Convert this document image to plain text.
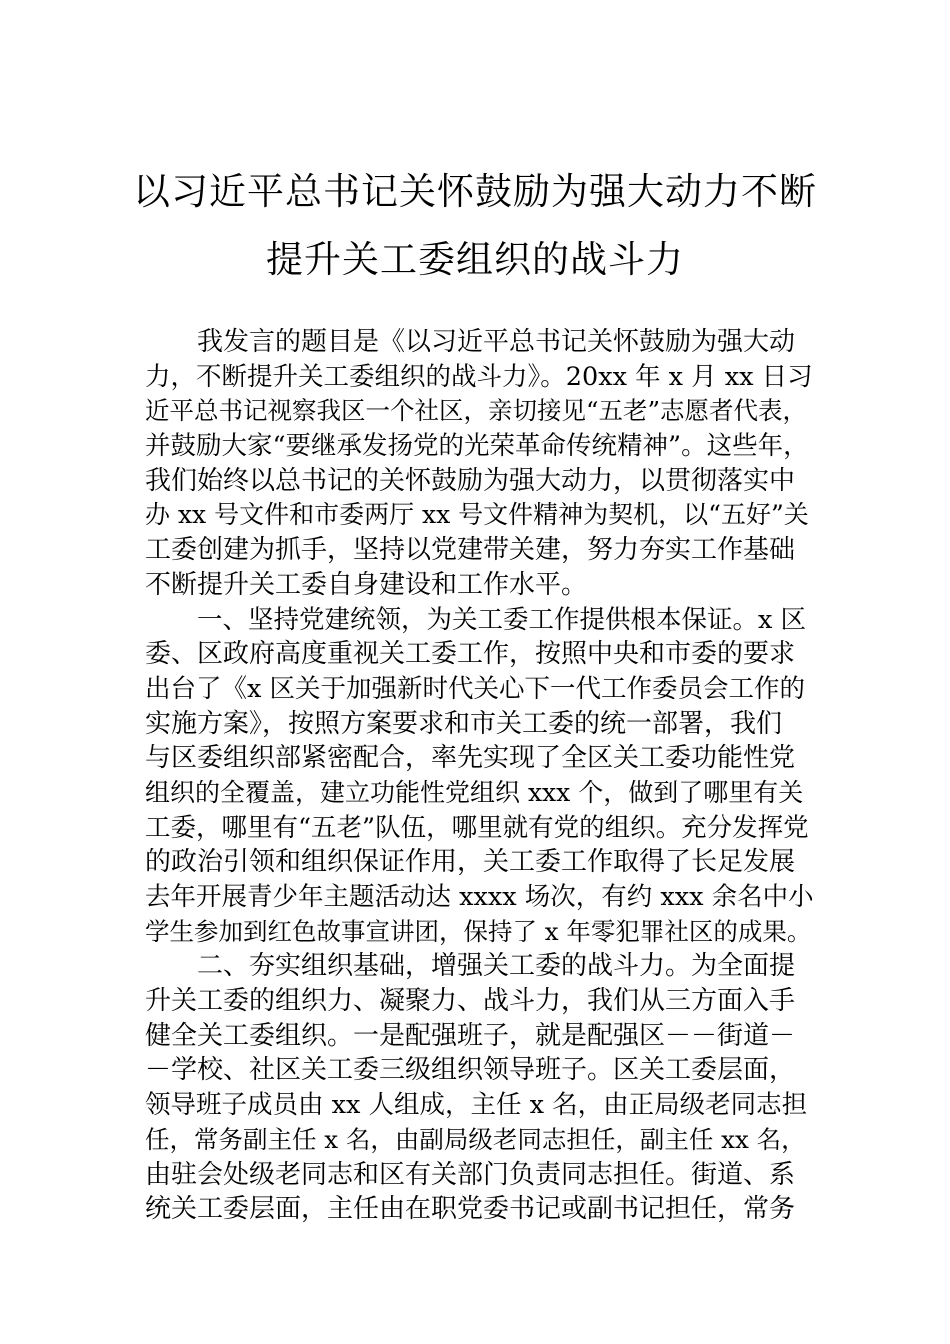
以习近平总书记关怀鼓励为强大动力不断
提升关工委组织的战斗力
我发言的题目是《以习近平总书记关怀鼓励为强大动
力，不断提升关工委组织的战斗力》。20xx 年 x 月 xx 日习
近平总书记视察我区一个社区，亲切接见“五老”志愿者代表，
并鼓励大家“要继承发扬党的光荣革命传统精神”。这些年，
我们始终以总书记的关怀鼓励为强大动力，以贯彻落实中
办 xx 号文件和市委两厅 xx 号文件精神为契机，以“五好”关
工委创建为抓手，坚持以党建带关建，努力夯实工作基础
不断提升关工委自身建设和工作水平。
一、坚持党建统领，为关工委工作提供根本保证。x 区
委、区政府高度重视关工委工作，按照中央和市委的要求
出台了《x 区关于加强新时代关心下一代工作委员会工作的
实施方案》，按照方案要求和市关工委的统一部署，我们
与区委组织部紧密配合，率先实现了全区关工委功能性党
组织的全覆盖，建立功能性党组织 xxx 个，做到了哪里有关
工委，哪里有“五老”队伍，哪里就有党的组织。充分发挥党
的政治引领和组织保证作用，关工委工作取得了长足发展
去年开展青少年主题活动达 xxxx 场次，有约 xxx 余名中小
学生参加到红色故事宣讲团，保持了 x 年零犯罪社区的成果。
二、夯实组织基础，增强关工委的战斗力。为全面提
升关工委的组织力、凝聚力、战斗力，我们从三方面入手
健全关工委组织。一是配强班子，就是配强区－－街道－
－学校、社区关工委三级组织领导班子。区关工委层面，
领导班子成员由 xx 人组成，主任 x 名，由正局级老同志担
任，常务副主任 x 名，由副局级老同志担任，副主任 xx 名，
由驻会处级老同志和区有关部门负责同志担任。街道、系
统关工委层面，主任由在职党委书记或副书记担任，常务
